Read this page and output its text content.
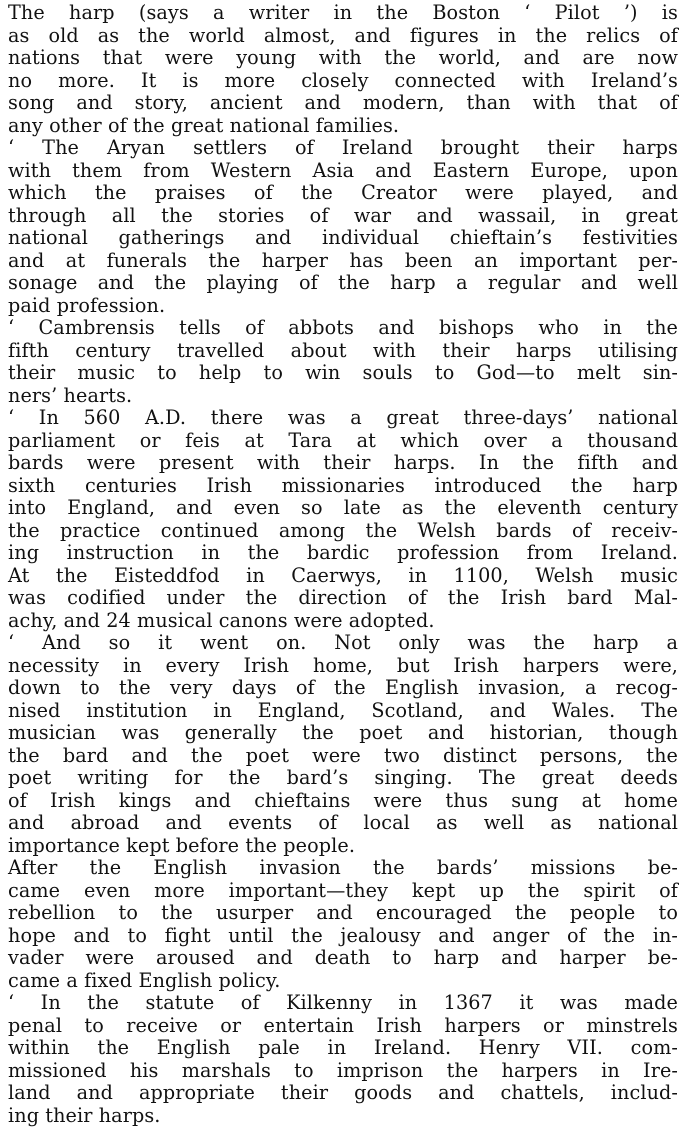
The harp (says a writer in the Boston ‘ Pilot ’) is
as old as the world almost, and figures in the relics of
nations that were young with the world, and are now
no more. It is more closely connected with Ireland’s
song and story, ancient and modern, than with that of
any other of the great national families.

‘ The Aryan settlers of Ireland brought their harps
with them from Western Asia and Eastern Europe, upon
which the praises of the Creator were played, and
through all the stories of war and wassail, in great
national gatherings and individual chieftain’s festivities
and at funerals the harper has been an important per-
sonage and the playing of the harp a regular and well
paid profession.

‘ Cambrensis tells of abbots and bishops who in the
fifth century travelled about with their harps utilising
their music to help to win souls to God—to melt sin-
ners’ hearts.

‘ In 560 A.D. there was a great three-days’ national
parliament or feis at Tara at which over a thousand
bards were present with their harps. In the fifth and
sixth centuries Irish missionaries introduced the harp
into England, and even so late as the eleventh century
the practice continued among the Welsh bards of receiv-
ing instruction in the bardic profession from Ireland.
At the Eisteddfod in Caerwys, in 1100, Welsh music
was codified under the direction of the Irish bard Mal-
achy, and 24 musical canons were adopted.

‘ And so it went on. Not only was the harp a
necessity in every Irish home, but Irish harpers were,
down to the very days of the English invasion, a recog-
nised institution in England, Scotland, and Wales. The
musician was generally the poet and historian, though
the bard and the poet were two distinct persons, the
poet writing for the bard’s singing. The great deeds
of Irish kings and chieftains were thus sung at home
and abroad and events of local as well as national
importance kept before the people.

After the English invasion the bards’ missions be-
came even more important—they kept up the spirit of
rebellion to the usurper and encouraged the people to
hope and to fight until the jealousy and anger of the in-
vader were aroused and death to harp and harper be-
came a fixed English policy.

‘ In the statute of Kilkenny in 1367 it was made
penal to receive or entertain Irish harpers or minstrels
within the English pale in Ireland. Henry VII. com-
missioned his marshals to imprison the harpers in Ire-
land and appropriate their goods and chattels, includ-
ing their harps.
